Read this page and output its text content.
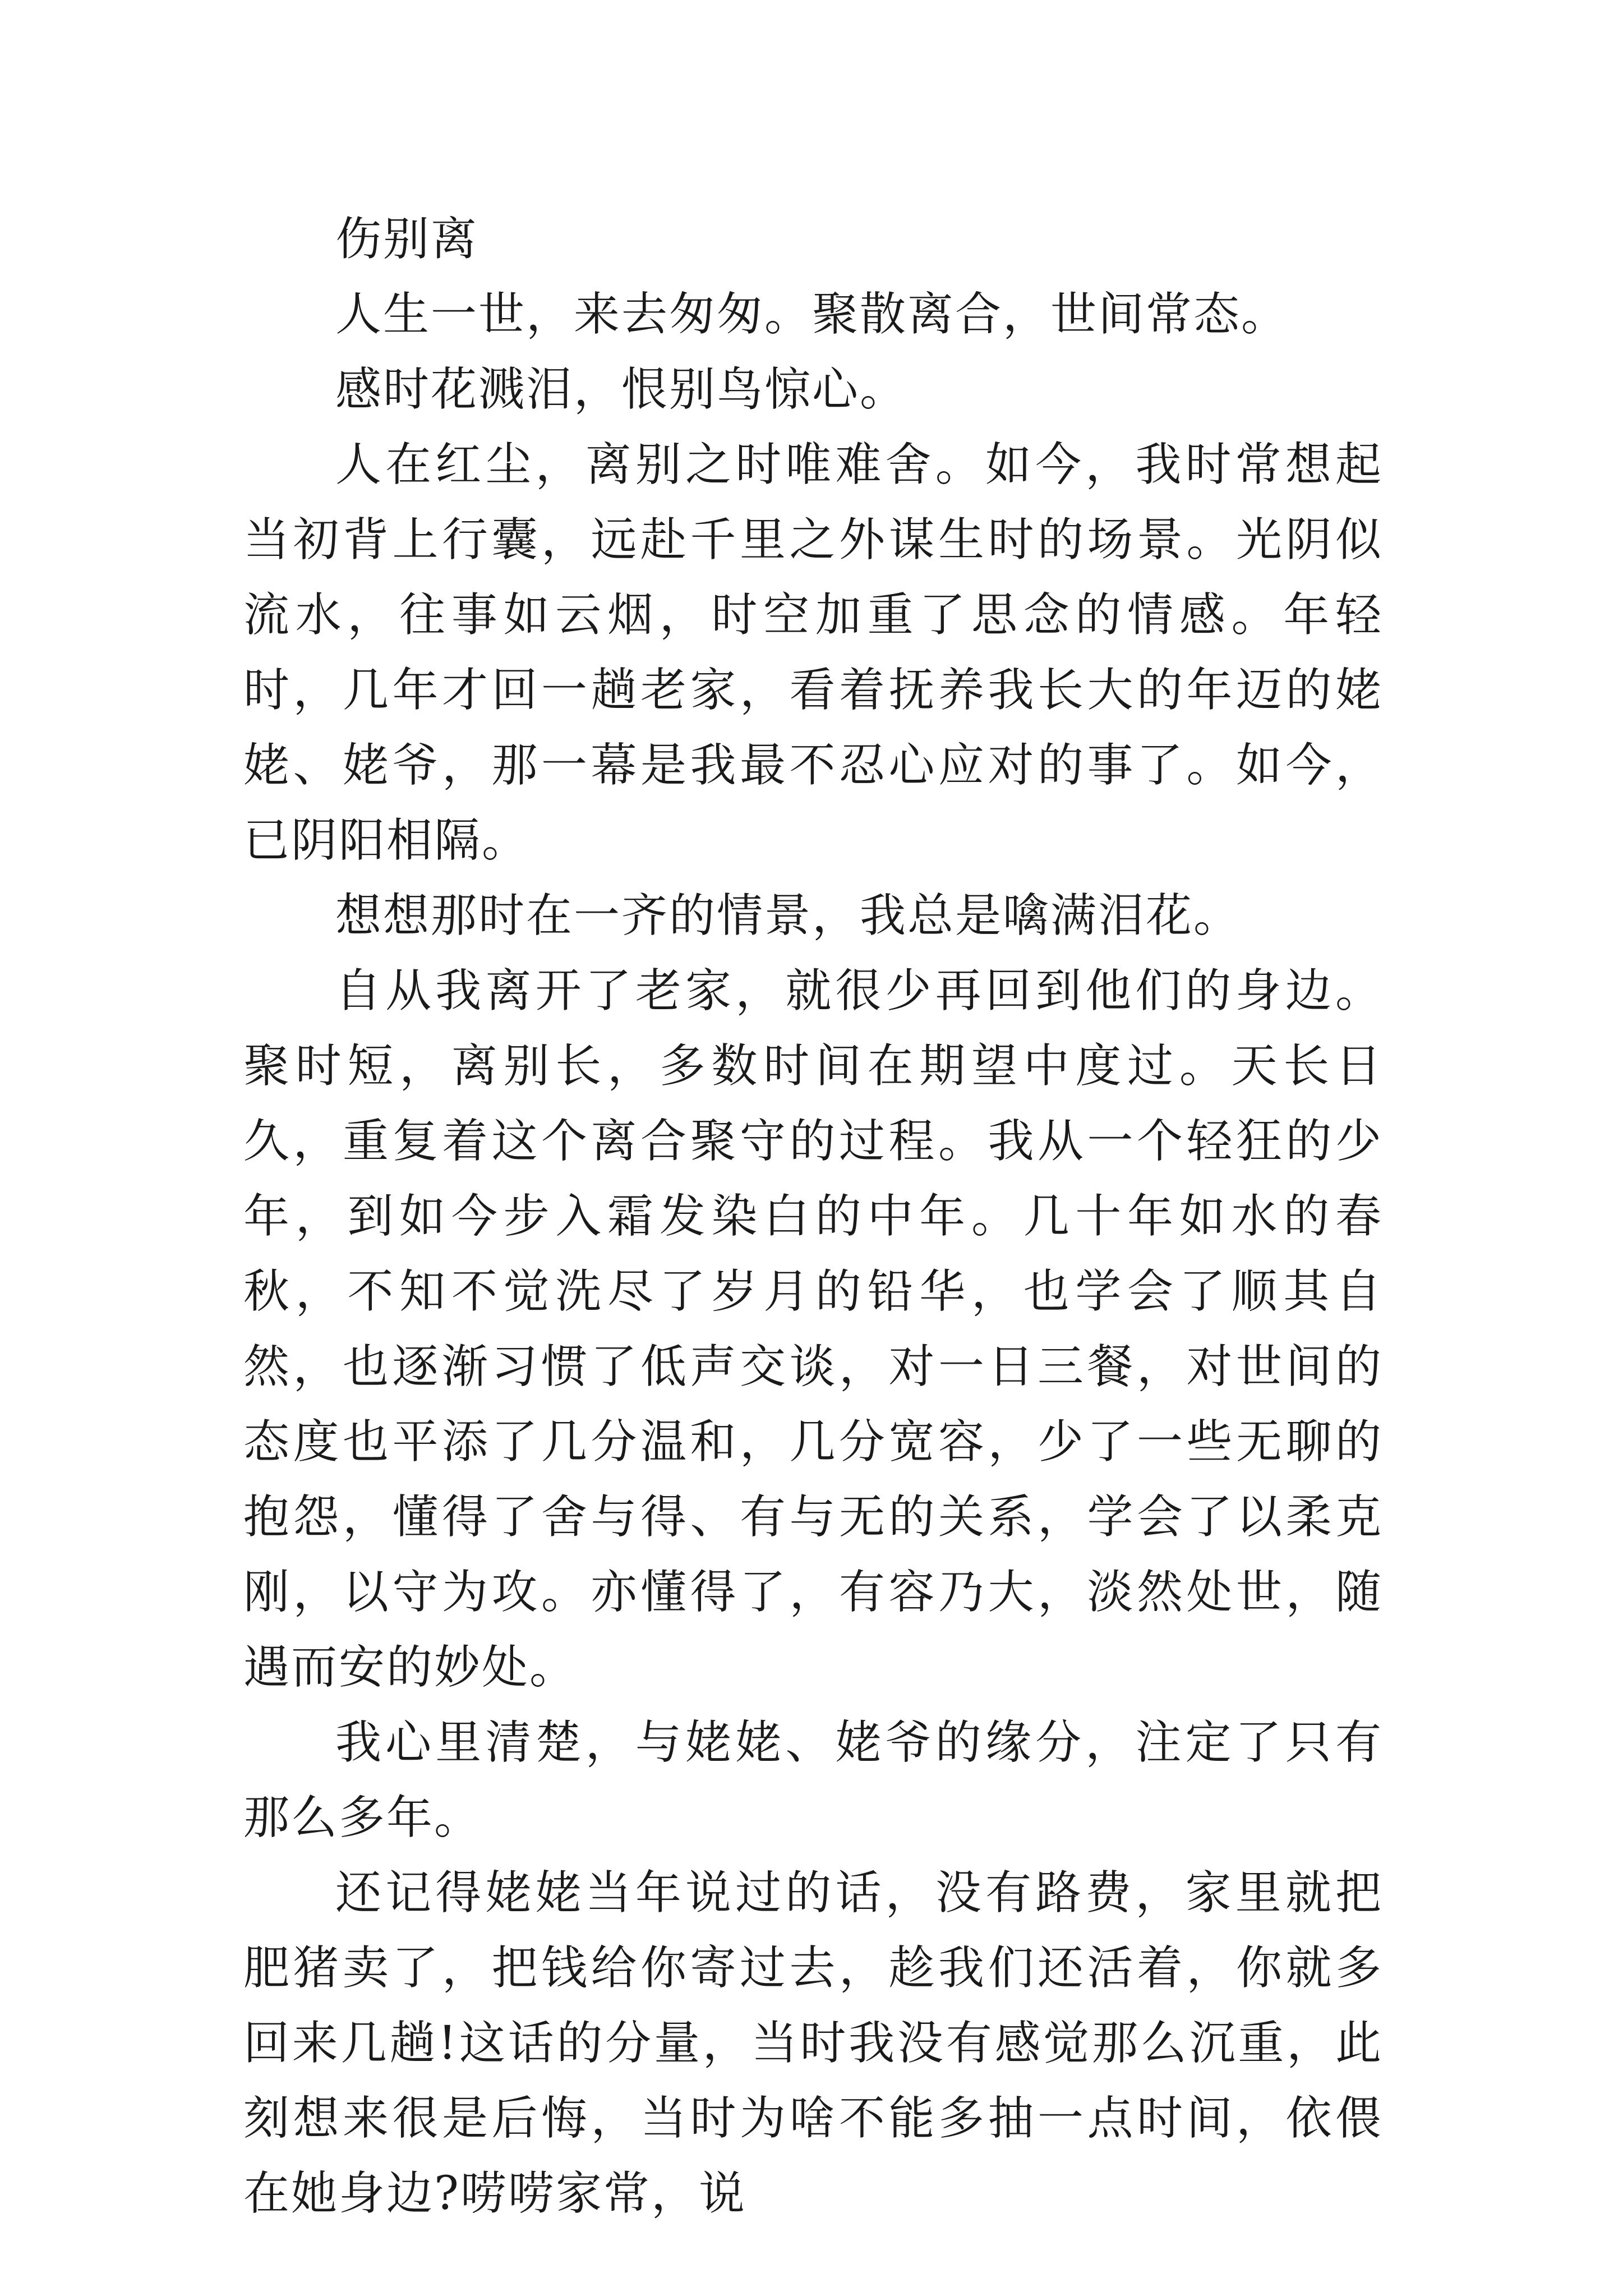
伤别离

人生一世，来去匆匆。聚散离合，世间常态。

感时花溅泪，恨别鸟惊心。

人在红尘，离别之时唯难舍。如今，我时常想起当初背上行囊，远赴千里之外谋生时的场景。光阴似流水，往事如云烟，时空加重了思念的情感。年轻时，几年才回一趟老家，看着抚养我长大的年迈的姥姥、姥爷，那一幕是我最不忍心应对的事了。如今，已阴阳相隔。

想想那时在一齐的情景，我总是噙满泪花。

自从我离开了老家，就很少再回到他们的身边。聚时短，离别长，多数时间在期望中度过。天长日久，重复着这个离合聚守的过程。我从一个轻狂的少年，到如今步入霜发染白的中年。几十年如水的春秋，不知不觉洗尽了岁月的铅华，也学会了顺其自然，也逐渐习惯了低声交谈，对一日三餐，对世间的态度也平添了几分温和，几分宽容，少了一些无聊的抱怨，懂得了舍与得、有与无的关系，学会了以柔克刚，以守为攻。亦懂得了，有容乃大，淡然处世，随遇而安的妙处。

我心里清楚，与姥姥、姥爷的缘分，注定了只有那么多年。

还记得姥姥当年说过的话，没有路费，家里就把肥猪卖了，把钱给你寄过去，趁我们还活着，你就多回来几趟!这话的分量，当时我没有感觉那么沉重，此刻想来很是后悔，当时为啥不能多抽一点时间，依偎在她身边?唠唠家常，说
